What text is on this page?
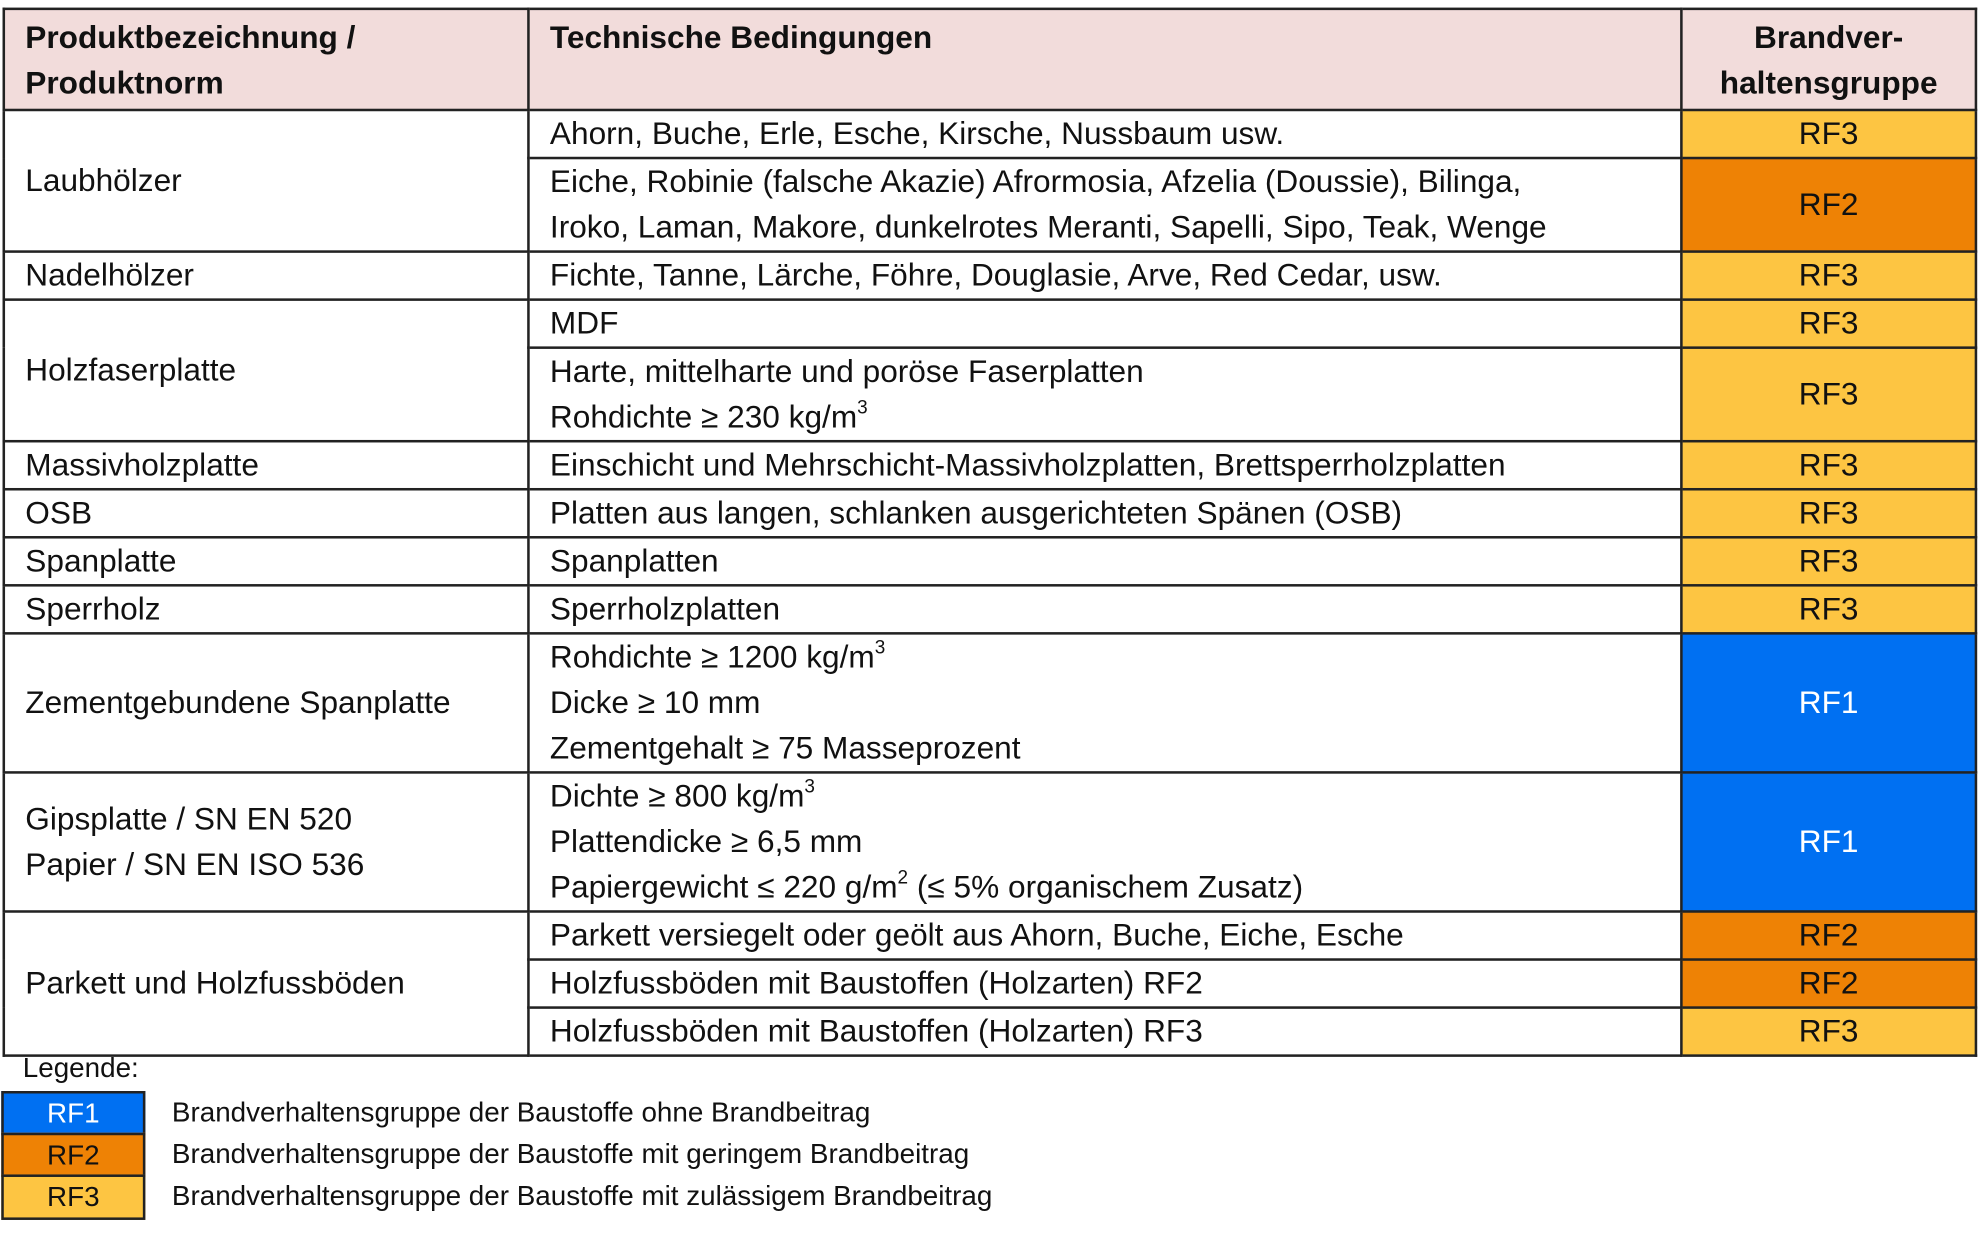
Produktbezeichnung /
Produktnorm	Technische Bedingungen	Brandver-
haltensgruppe

Laubhölzer	Ahorn, Buche, Erle, Esche, Kirsche, Nussbaum usw.	RF3

	Eiche, Robinie (falsche Akazie) Afrormosia, Afzelia (Doussie), Bilinga,
Iroko, Laman, Makore, dunkelrotes Meranti, Sapelli, Sipo, Teak, Wenge	RF2

Nadelhölzer	Fichte, Tanne, Lärche, Föhre, Douglasie, Arve, Red Cedar, usw.	RF3

Holzfaserplatte	MDF	RF3

	Harte, mittelharte und poröse Faserplatten
Rohdichte ≥ 230 $kg/m^3$	RF3

Massivholzplatte	Einschicht und Mehrschicht-Massivholzplatten, Brettsperrholzplatten	RF3

OSB	Platten aus langen, schlanken ausgerichteten Spänen (OSB)	RF3

Spanplatte	Spanplatten	RF3

Sperrholz	Sperrholzplatten	RF3

Zementgebundene Spanplatte	Rohdichte ≥ 1200 $kg/m^3$
Dicke ≥ 10 mm
Zementgehalt ≥ 75 Masseprozent	RF1

Gipsplatte / SN EN 520
Papier / SN EN ISO 536	Dichte ≥ 800 $kg/m^3$
Plattendicke ≥ 6,5 mm
Papiergewicht ≤ 220 $g/m^2$ (≤ 5% organischem Zusatz)	RF1

Parkett und Holzfussböden	Parkett versiegelt oder geölt aus Ahorn, Buche, Eiche, Esche	RF2

	Holzfussböden mit Baustoffen (Holzarten) RF2	RF2

	Holzfussböden mit Baustoffen (Holzarten) RF3	RF3
Legende:
RF1	Brandverhaltensgruppe der Baustoffe ohne Brandbeitrag
RF2	Brandverhaltensgruppe der Baustoffe mit geringem Brandbeitrag
RF3	Brandverhaltensgruppe der Baustoffe mit zulässigem Brandbeitrag
